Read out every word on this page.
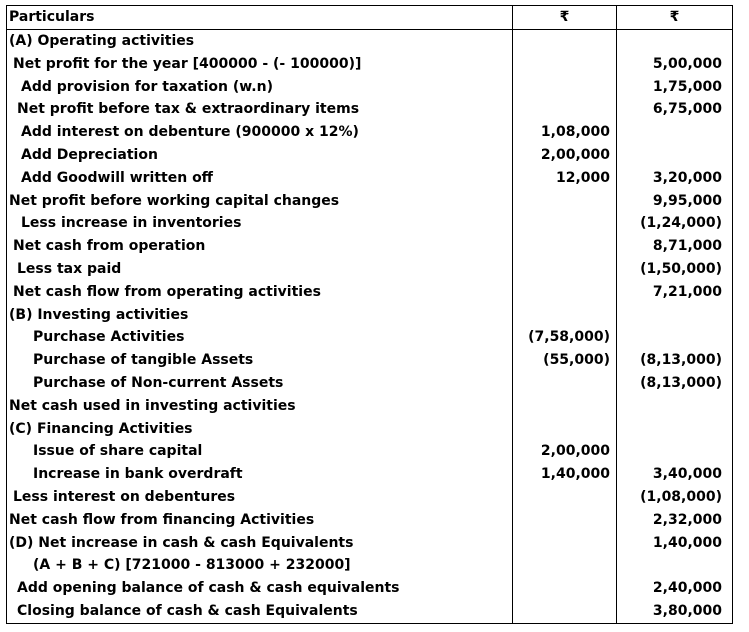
Particulars	₹	₹
(A) Operating activities		
Net profit for the year [400000 - (- 100000)]		5,00,000
Add provision for taxation (w.n)		1,75,000
Net profit before tax & extraordinary items		6,75,000
Add interest on debenture (900000 x 12%)	1,08,000	
Add Depreciation	2,00,000	
Add Goodwill written off	12,000	3,20,000
Net profit before working capital changes		9,95,000
Less increase in inventories		(1,24,000)
Net cash from operation		8,71,000
Less tax paid		(1,50,000)
Net cash flow from operating activities		7,21,000
(B) Investing activities		
Purchase Activities	(7,58,000)	
Purchase of tangible Assets	(55,000)	(8,13,000)
Purchase of Non-current Assets		(8,13,000)
Net cash used in investing activities		
(C) Financing Activities		
Issue of share capital	2,00,000	
Increase in bank overdraft	1,40,000	3,40,000
Less interest on debentures		(1,08,000)
Net cash flow from financing Activities		2,32,000
(D) Net increase in cash & cash Equivalents		1,40,000
(A + B + C) [721000 - 813000 + 232000]		
Add opening balance of cash & cash equivalents		2,40,000
Closing balance of cash & cash Equivalents		3,80,000
